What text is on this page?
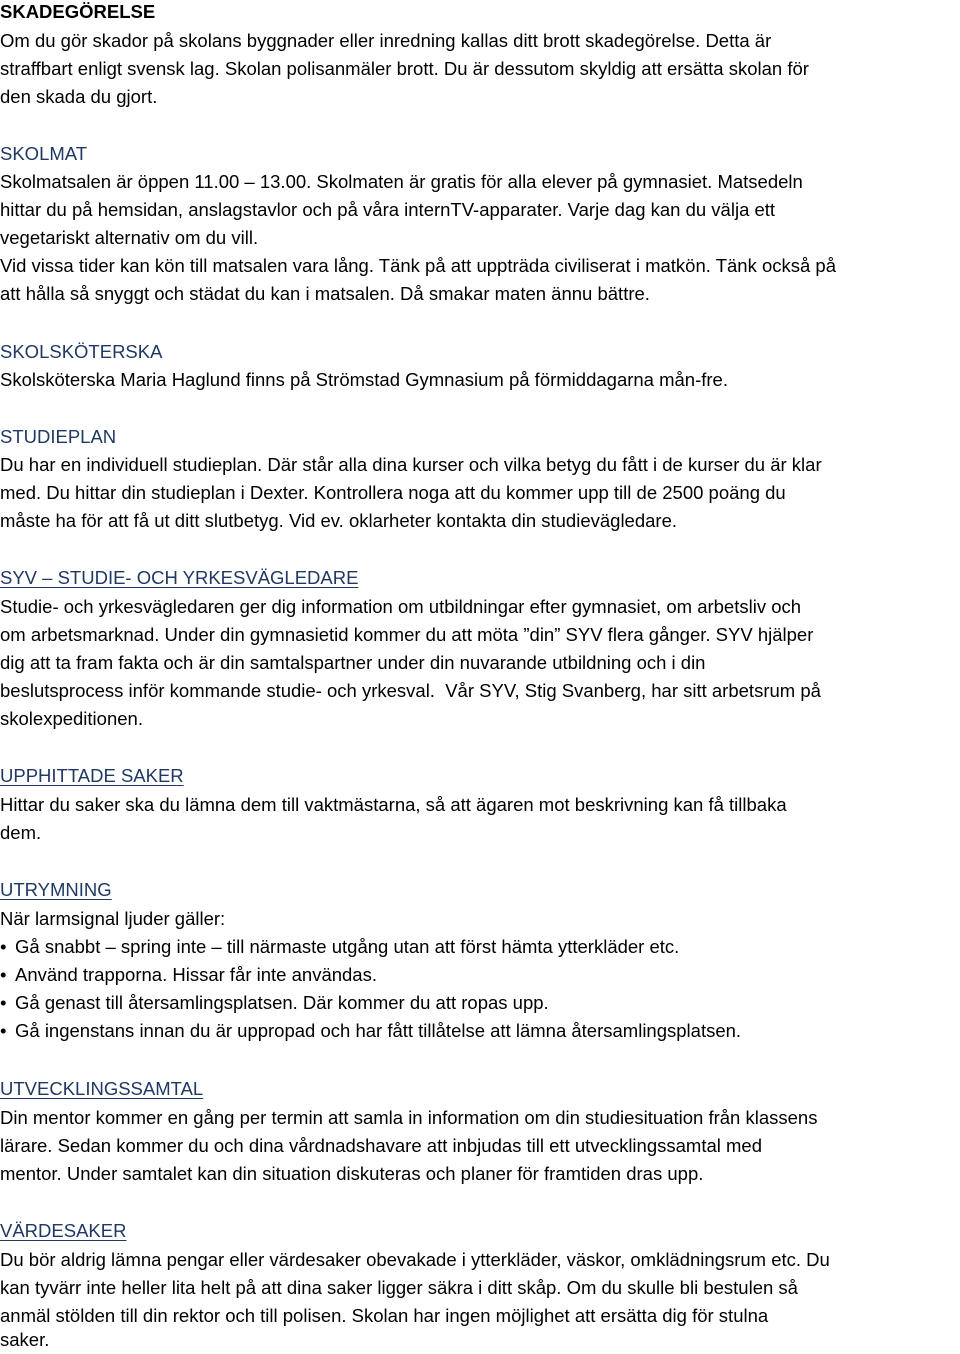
SKADEGÖRELSE
Om du gör skador på skolans byggnader eller inredning kallas ditt brott skadegörelse. Detta är
straffbart enligt svensk lag. Skolan polisanmäler brott. Du är dessutom skyldig att ersätta skolan för
den skada du gjort.
SKOLMAT
Skolmatsalen är öppen 11.00 – 13.00. Skolmaten är gratis för alla elever på gymnasiet. Matsedeln
hittar du på hemsidan, anslagstavlor och på våra internTV-apparater. Varje dag kan du välja ett
vegetariskt alternativ om du vill.
Vid vissa tider kan kön till matsalen vara lång. Tänk på att uppträda civiliserat i matkön. Tänk också på
att hålla så snyggt och städat du kan i matsalen. Då smakar maten ännu bättre.
SKOLSKÖTERSKA
Skolsköterska Maria Haglund finns på Strömstad Gymnasium på förmiddagarna mån-fre.
STUDIEPLAN
Du har en individuell studieplan. Där står alla dina kurser och vilka betyg du fått i de kurser du är klar
med. Du hittar din studieplan i Dexter. Kontrollera noga att du kommer upp till de 2500 poäng du
måste ha för att få ut ditt slutbetyg. Vid ev. oklarheter kontakta din studievägledare.
SYV – STUDIE- OCH YRKESVÄGLEDARE
Studie- och yrkesvägledaren ger dig information om utbildningar efter gymnasiet, om arbetsliv och
om arbetsmarknad. Under din gymnasietid kommer du att möta ”din” SYV flera gånger. SYV hjälper
dig att ta fram fakta och är din samtalspartner under din nuvarande utbildning och i din
beslutsprocess inför kommande studie- och yrkesval.  Vår SYV, Stig Svanberg, har sitt arbetsrum på
skolexpeditionen.
UPPHITTADE SAKER
Hittar du saker ska du lämna dem till vaktmästarna, så att ägaren mot beskrivning kan få tillbaka
dem.
UTRYMNING
När larmsignal ljuder gäller:
• Gå snabbt – spring inte – till närmaste utgång utan att först hämta ytterkläder etc.
• Använd trapporna. Hissar får inte användas.
• Gå genast till återsamlingsplatsen. Där kommer du att ropas upp.
• Gå ingenstans innan du är uppropad och har fått tillåtelse att lämna återsamlingsplatsen.
UTVECKLINGSSAMTAL
Din mentor kommer en gång per termin att samla in information om din studiesituation från klassens
lärare. Sedan kommer du och dina vårdnadshavare att inbjudas till ett utvecklingssamtal med
mentor. Under samtalet kan din situation diskuteras och planer för framtiden dras upp.
VÄRDESAKER
Du bör aldrig lämna pengar eller värdesaker obevakade i ytterkläder, väskor, omklädningsrum etc. Du
kan tyvärr inte heller lita helt på att dina saker ligger säkra i ditt skåp. Om du skulle bli bestulen så
anmäl stölden till din rektor och till polisen. Skolan har ingen möjlighet att ersätta dig för stulna
saker.
